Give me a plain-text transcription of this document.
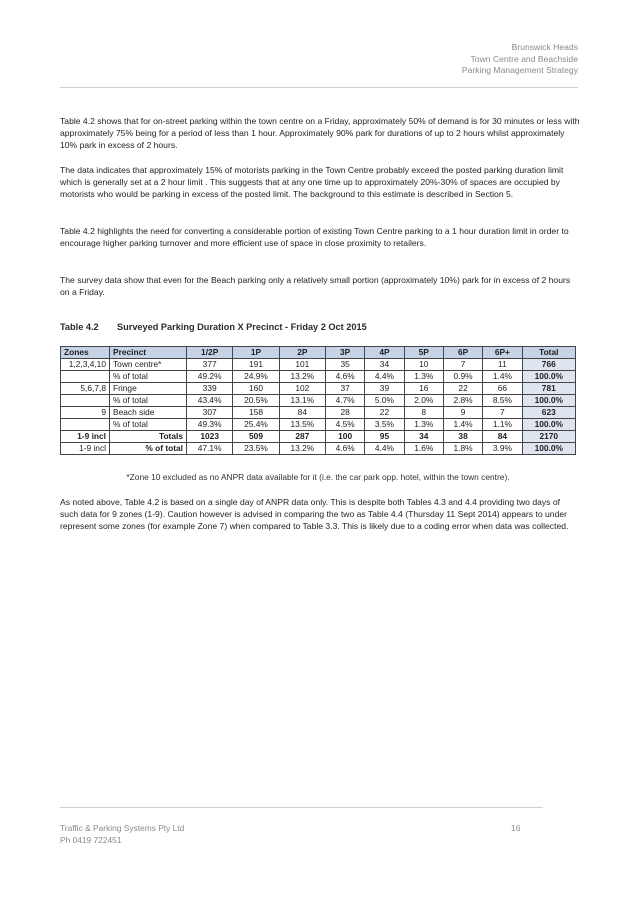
Brunswick Heads
Town Centre and Beachside
Parking Management Strategy

Table 4.2 shows that for on-street parking within the town centre on a Friday, approximately 50% of demand is for 30 minutes or less with approximately 75% being for a period of less than 1 hour. Approximately 90% park for durations of up to 2 hours whilst approximately 10% park in excess of 2 hours.

The data indicates that approximately 15% of motorists parking in the Town Centre probably exceed the posted parking duration limit which is generally set at a 2 hour limit . This suggests that at any one time up to approximately 20%-30% of spaces are occupied by motorists who would be parking in excess of the posted limit. The background to this estimate is described in Section 5.

Table 4.2 highlights the need for converting a considerable portion of existing Town Centre parking to a 1 hour duration limit in order to encourage higher parking turnover and more efficient use of space in close proximity to retailers.

The survey data show that even for the Beach parking only a relatively small portion (approximately 10%) park for in excess of 2 hours on a Friday.

Table 4.2 Surveyed Parking Duration X Precinct - Friday 2 Oct 2015
Zones	Precinct	1/2P	1P	2P	3P	4P	5P	6P	6P+	Total
1,2,3,4,10	Town centre*	377	191	101	35	34	10	7	11	766
	% of total	49.2%	24.9%	13.2%	4.6%	4.4%	1.3%	0.9%	1.4%	100.0%
5,6,7,8	Fringe	339	160	102	37	39	16	22	66	781
	% of total	43.4%	20.5%	13.1%	4.7%	5.0%	2.0%	2.8%	8.5%	100.0%
9	Beach side	307	158	84	28	22	8	9	7	623
	% of total	49.3%	25.4%	13.5%	4.5%	3.5%	1.3%	1.4%	1.1%	100.0%
1-9 incl	Totals	1023	509	287	100	95	34	38	84	2170
1-9 incl	% of total	47.1%	23.5%	13.2%	4.6%	4.4%	1.6%	1.8%	3.9%	100.0%
*Zone 10 excluded as no ANPR data available for it (i.e. the car park opp. hotel, within the town centre).

As noted above, Table 4.2 is based on a single day of ANPR data only. This is despite both Tables 4.3 and 4.4 providing two days of such data for 9 zones (1-9). Caution however is advised in comparing the two as Table 4.4 (Thursday 11 Sept 2014) appears to under represent some zones (for example Zone 7) when compared to Table 3.3. This is likely due to a coding error when data was collected.

Traffic & Parking Systems Pty Ltd
Ph 0419 722451
16
